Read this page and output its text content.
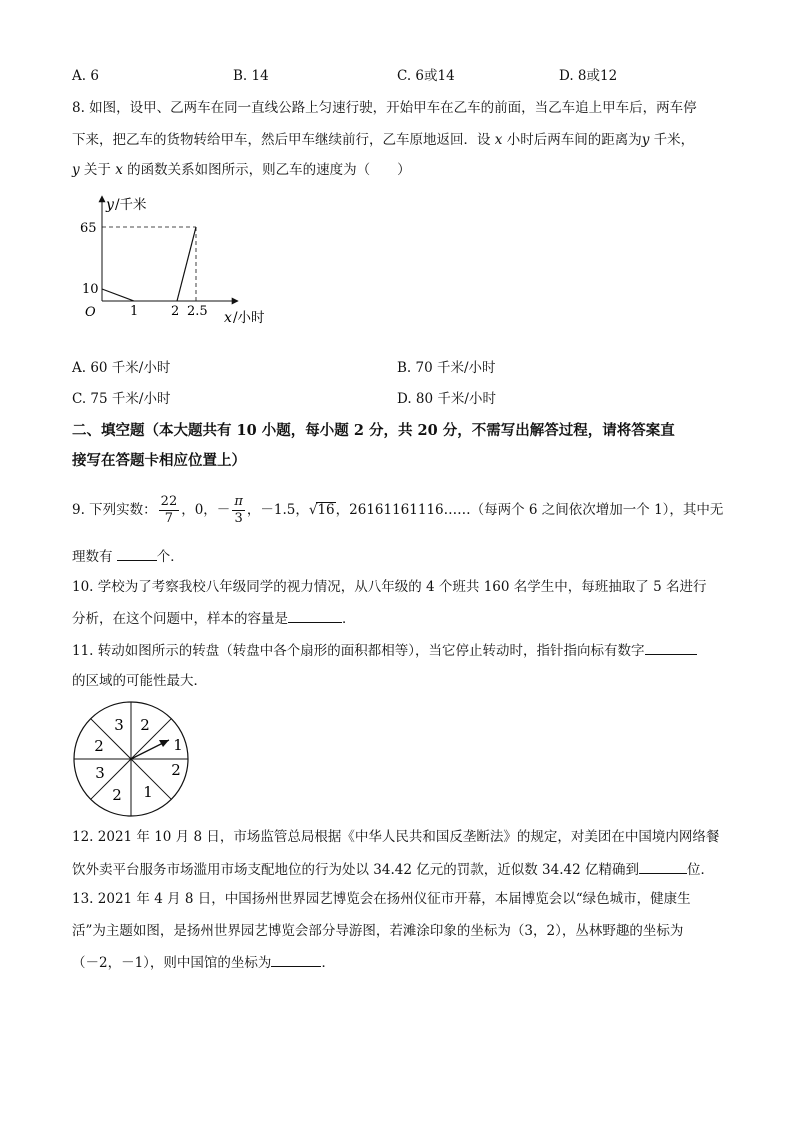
A. 6	B. 14	C. 6或14	D. 8或12
8. 如图，设甲、乙两车在同一直线公路上匀速行驶，开始甲车在乙车的前面，当乙车追上甲车后，两车停
下来，把乙车的货物转给甲车，然后甲车继续前行，乙车原地返回．设 x 小时后两车间的距离为y 千米，
y 关于 x 的函数关系如图所示，则乙车的速度为（　　）
y /千米
65
10
O	1	2 2.5 x /小时
A. 60 千米/小时	B. 70 千米/小时
C. 75 千米/小时	D. 80 千米/小时
二、填空题（本大题共有 10 小题，每小题 2 分，共 20 分，不需写出解答过程，请将答案直
接写在答题卡相应位置上）
9. 下列实数： $\frac{22}{7}$ ，0，－ $\frac{\pi}{3}$ ，－1.5，√16，26161161116……（每两个 6 之间依次增加一个 1），其中无
理数有	个．
10. 学校为了考察我校八年级同学的视力情况，从八年级的 4 个班共 160 名学生中，每班抽取了 5 名进行
分析，在这个问题中，样本的容量是	．
11. 转动如图所示的转盘（转盘中各个扇形的面积都相等），当它停止转动时，指针指向标有数字
的区域的可能性最大．
2
1
2
1
2
3
2
3
12. 2021 年 10 月 8 日，市场监管总局根据《中华人民共和国反垄断法》的规定，对美团在中国境内网络餐
饮外卖平台服务市场滥用市场支配地位的行为处以 34.42 亿元的罚款，近似数 34.42 亿精确到	位．
13. 2021 年 4 月 8 日，中国扬州世界园艺博览会在扬州仪征市开幕，本届博览会以“绿色城市，健康生
活”为主题如图，是扬州世界园艺博览会部分导游图，若滩涂印象的坐标为（3，2），丛林野趣的坐标为
（－2，－1），则中国馆的坐标为	．
